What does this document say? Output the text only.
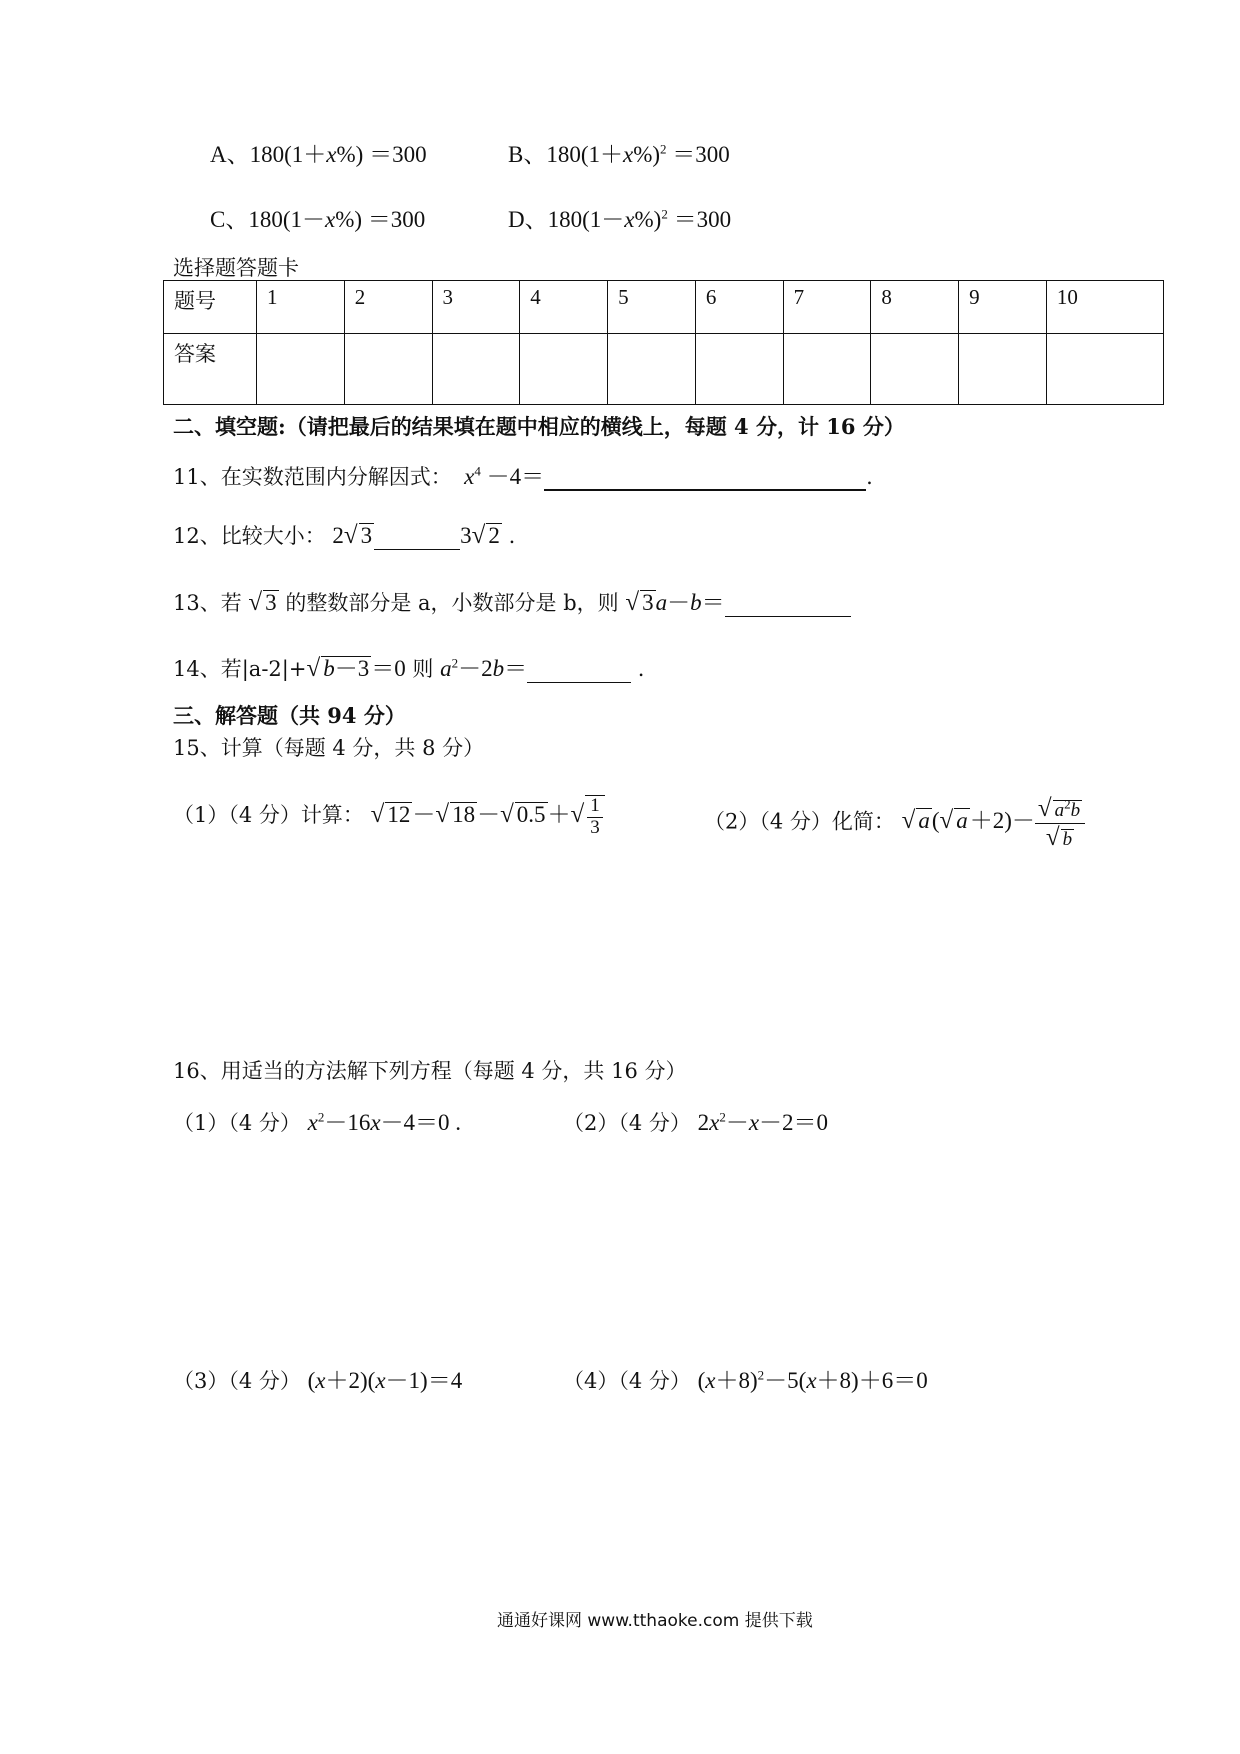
A、180(1＋x%) ＝300	B、$180(1+x\%)^2 =300$
C、180(1－x%) ＝300	D、$180(1-x\%)^2 =300$
选择题答题卡
题号	1	2	3	4	5	6	7	8	9	10
答案										
二、填空题:（请把最后的结果填在题中相应的横线上，每题 4 分，计 16 分）
11、在实数范围内分解因式： $x^4 -4=$	.
12、比较大小： 2√ 3	3√ 2 .
13、若 √ 3 的整数部分是 a，小数部分是 b，则 √ 3a－b＝
14、若|a-2|+√ b－3＝0 则 $a^2-2b=$	.
三、解答题（共 94 分）
15、计算（每题 4 分，共 8 分）
（1）（4 分）计算： √ 12－√ 18－√ $0.5+√ \frac{1}{3}$	（2）（4 分）化简： √ a(√ $a+2)- \frac{√ a^2b}{√ b}$
16、用适当的方法解下列方程（每题 4 分，共 16 分）
（1）（4 分） $x^2-16x-4=0$ .	（2）（4 分） $2x^2-x-2=0$
（3）（4 分） (x＋2)(x－1)＝4	（4）（4 分） $(x+8)^2-5(x+8)+6=0$
通通好课网 www.tthaoke.com 提供下载
